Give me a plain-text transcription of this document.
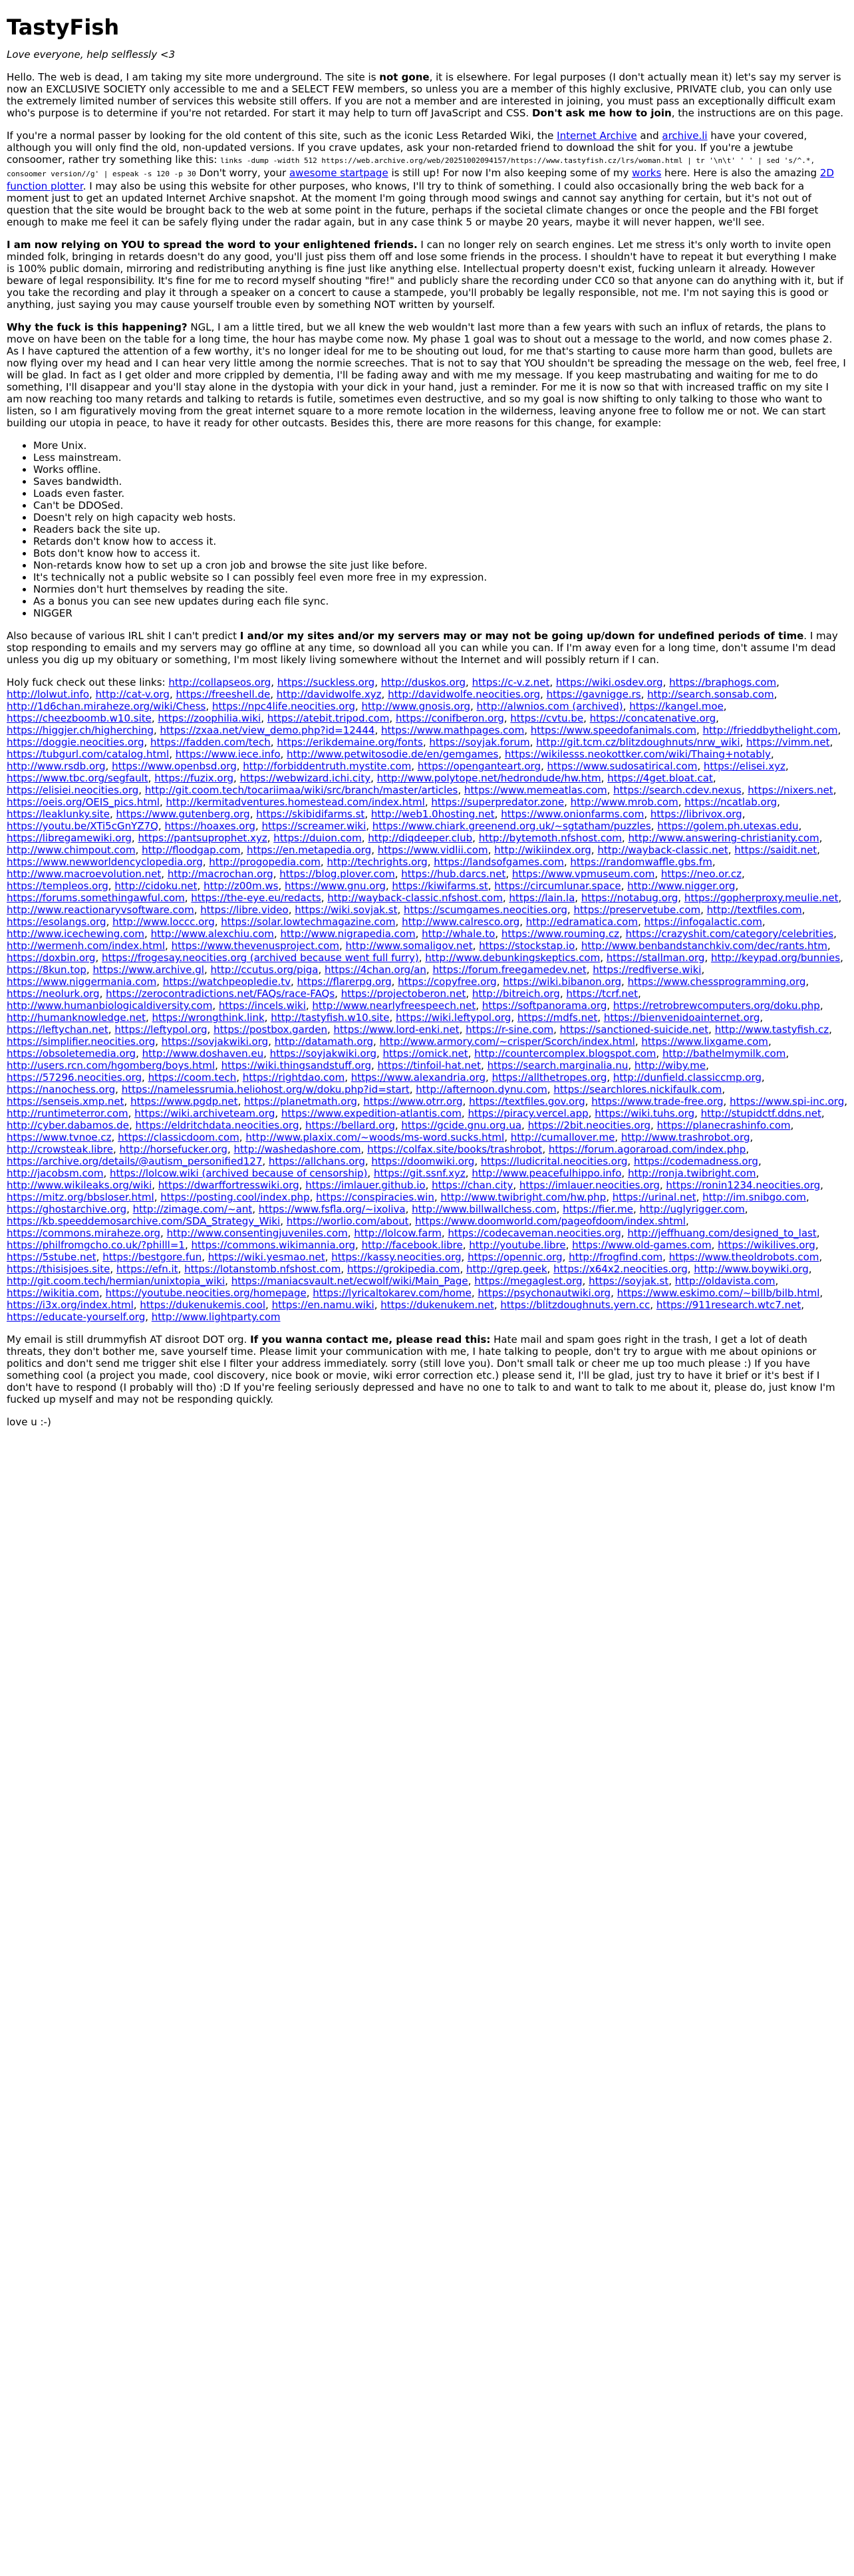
TastyFish

Love everyone, help selflessly <3

Hello. The web is dead, I am taking my site more underground. The site is not gone, it is elsewhere. For legal purposes (I don't actually mean it) let's say my server is now an EXCLUSIVE SOCIETY only accessible to me and a SELECT FEW members, so unless you are a member of this highly exclusive, PRIVATE club, you can only use the extremely limited number of services this website still offers. If you are not a member and are interested in joining, you must pass an exceptionally difficult exam who's purpose is to determine if you're not retarded. For start it may help to turn off JavaScript and CSS. Don't ask me how to join, the instructions are on this page.

If you're a normal passer by looking for the old content of this site, such as the iconic Less Retarded Wiki, the Internet Archive and archive.li have your covered, although you will only find the old, non-updated versions. If you crave updates, ask your non-retarded friend to download the shit for you. If you're a jewtube consoomer, rather try something like this: links -dump -width 512 https://web.archive.org/web/20251002094157/https://www.tastyfish.cz/lrs/woman.html | tr '\n\t' ' ' | sed 's/^.*, consoomer version//g' | espeak -s 120 -p 30 Don't worry, your awesome startpage is still up! For now I'm also keeping some of my works here. Here is also the amazing 2D function plotter. I may also be using this website for other purposes, who knows, I'll try to think of something. I could also occasionally bring the web back for a moment just to get an updated Internet Archive snapshot. At the moment I'm going through mood swings and cannot say anything for certain, but it's not out of question that the site would be brought back to the web at some point in the future, perhaps if the societal climate changes or once the people and the FBI forget enough to make me feel it can be safely flying under the radar again, but in any case think 5 or maybe 20 years, maybe it will never happen, we'll see.

I am now relying on YOU to spread the word to your enlightened friends. I can no longer rely on search engines. Let me stress it's only worth to invite open minded folk, bringing in retards doesn't do any good, you'll just piss them off and lose some friends in the process. I shouldn't have to repeat it but everything I make is 100% public domain, mirroring and redistributing anything is fine just like anything else. Intellectual property doesn't exist, fucking unlearn it already. However beware of legal responsibility. It's fine for me to record myself shouting "fire!" and publicly share the recording under CC0 so that anyone can do anything with it, but if you take the recording and play it through a speaker on a concert to cause a stampede, you'll probably be legally responsible, not me. I'm not saying this is good or anything, just saying you may cause yourself trouble even by something NOT written by yourself.

Why the fuck is this happening? NGL, I am a little tired, but we all knew the web wouldn't last more than a few years with such an influx of retards, the plans to move on have been on the table for a long time, the hour has maybe come now. My phase 1 goal was to shout out a message to the world, and now comes phase 2. As I have captured the attention of a few worthy, it's no longer ideal for me to be shouting out loud, for me that's starting to cause more harm than good, bullets are now flying over my head and I can hear very little among the normie screeches. That is not to say that YOU shouldn't be spreading the message on the web, feel free, I will be glad. In fact as I get older and more crippled by dementia, I'll be fading away and with me my message. If you keep mastrubating and waiting for me to do something, I'll disappear and you'll stay alone in the dystopia with your dick in your hand, just a reminder. For me it is now so that with increased traffic on my site I am now reaching too many retards and talking to retards is futile, sometimes even destructive, and so my goal is now shifting to only talking to those who want to listen, so I am figuratively moving from the great internet square to a more remote location in the wilderness, leaving anyone free to follow me or not. We can start building our utopia in peace, to have it ready for other outcasts. Besides this, there are more reasons for this change, for example:

• More Unix.
• Less mainstream.
• Works offline.
• Saves bandwidth.
• Loads even faster.
• Can't be DDOSed.
• Doesn't rely on high capacity web hosts.
• Readers back the site up.
• Retards don't know how to access it.
• Bots don't know how to access it.
• Non-retards know how to set up a cron job and browse the site just like before.
• It's technically not a public website so I can possibly feel even more free in my expression.
• Normies don't hurt themselves by reading the site.
• As a bonus you can see new updates during each file sync.
• NIGGER

Also because of various IRL shit I can't predict I and/or my sites and/or my servers may or may not be going up/down for undefined periods of time. I may stop responding to emails and my servers may go offline at any time, so download all you can while you can. If I'm away even for a long time, don't assume I'm dead unless you dig up my obituary or something, I'm most likely living somewhere without the Internet and will possibly return if I can.

Holy fuck check out these links: http://collapseos.org, https://suckless.org, http://duskos.org, https://c-v.z.net, https://wiki.osdev.org, https://braphogs.com, http://lolwut.info, http://cat-v.org, https://freeshell.de, http://davidwolfe.xyz, http://davidwolfe.neocities.org, https://gavnigge.rs, http://search.sonsab.com, http://1d6chan.miraheze.org/wiki/Chess, https://npc4life.neocities.org, http://www.gnosis.org, http://alwnios.com (archived), https://kangel.moe, https://cheezboomb.w10.site, https://zoophilia.wiki, https://atebit.tripod.com, https://conifberon.org, https://cvtu.be, https://concatenative.org, https://higgjer.ch/higherching, https://zxaa.net/view_demo.php?id=12444, https://www.mathpages.com, https://www.speedofanimals.com, http://frieddbythelight.com, https://doggie.neocities.org, https://fadden.com/tech, https://erikdemaine.org/fonts, https://soyjak.forum, http://git.tcm.cz/blitzdoughnuts/nrw_wiki, https://vimm.net, https://tubgurl.com/catalog.html, https://www.iece.info, http://www.petwitosodie.de/en/gemgames, https://wikilesss.neokottker.com/wiki/Thaing+notably, http://www.rsdb.org, https://www.openbsd.org, http://forbiddentruth.mystite.com, https://openganteart.org, https://www.sudosatirical.com, https://elisei.xyz, https://www.tbc.org/segfault, https://fuzix.org, https://webwizard.ichi.city, http://www.polytope.net/hedrondude/hw.htm, https://4get.bloat.cat, https://elisiei.neocities.org, http://git.coom.tech/tocariimaa/wiki/src/branch/master/articles, https://www.memeatlas.com, https://search.cdev.nexus, https://nixers.net, https://oeis.org/OEIS_pics.html, http://kermitadventures.homestead.com/index.html, https://superpredator.zone, http://www.mrob.com, https://ncatlab.org, https://leaklunky.site, https://www.gutenberg.org, https://skibidifarms.st, http://web1.0hosting.net, https://www.onionfarms.com, https://librivox.org, https://youtu.be/XTi5cGnYZ7Q, https://hoaxes.org, https://screamer.wiki, https://www.chiark.greenend.org.uk/~sgtatham/puzzles, https://golem.ph.utexas.edu, https://libregamewiki.org, https://pantsuprophet.xyz, https://duion.com, http://diqdeeper.club, http://bytemoth.nfshost.com, http://www.answering-christianity.com, http://www.chimpout.com, http://floodgap.com, https://en.metapedia.org, https://www.vidlii.com, http://wikiindex.org, http://wayback-classic.net, https://saidit.net, https://www.newworldencyclopedia.org, http://progopedia.com, http://techrights.org, https://landsofgames.com, https://randomwaffle.gbs.fm, http://www.macroevolution.net, http://macrochan.org, https://blog.plover.com, https://hub.darcs.net, https://www.vpmuseum.com, https://neo.or.cz, https://templeos.org, http://cidoku.net, http://z00m.ws, https://www.gnu.org, https://kiwifarms.st, https://circumlunar.space, http://www.nigger.org, https://forums.somethingawful.com, https://the-eye.eu/redacts, http://wayback-classic.nfshost.com, https://lain.la, https://notabug.org, https://gopherproxy.meulie.net, http://www.reactionaryvsoftware.com, https://libre.video, https://wiki.sovjak.st, https://scumgames.neocities.org, https://preservetube.com, http://textfiles.com, https://esolangs.org, http://www.loccc.org, https://solar.lowtechmagazine.com, http://www.calresco.org, http://edramatica.com, https://infogalactic.com, http://www.icechewing.com, http://www.alexchiu.com, http://www.nigrapedia.com, http://whale.to, https://www.rouming.cz, https://crazyshit.com/category/celebrities, http://wermenh.com/index.html, https://www.thevenusproject.com, http://www.somaligov.net, https://stockstap.io, http://www.benbandstanchkiv.com/dec/rants.htm, https://doxbin.org, https://frogesay.neocities.org (archived because went full furry), http://www.debunkingskeptics.com, https://stallman.org, http://keypad.org/bunnies, https://8kun.top, https://www.archive.gl, http://ccutus.org/piga, https://4chan.org/an, https://forum.freegamedev.net, https://redfiverse.wiki, https://www.niggermania.com, https://watchpeopledie.tv, https://flarerpg.org, https://copyfree.org, https://wiki.bibanon.org, https://www.chessprogramming.org, https://neolurk.org, https://zerocontradictions.net/FAQs/race-FAQs, https://projectoberon.net, http://bitreich.org, https://tcrf.net, http://www.humanbiologicaldiversity.com, https://incels.wiki, http://www.nearlyfreespeech.net, https://softpanorama.org, https://retrobrewcomputers.org/doku.php, http://humanknowledge.net, https://wrongthink.link, http://tastyfish.w10.site, https://wiki.leftypol.org, https://mdfs.net, https://bienvenidoainternet.org, https://leftychan.net, https://leftypol.org, https://postbox.garden, https://www.lord-enki.net, https://r-sine.com, https://sanctioned-suicide.net, http://www.tastyfish.cz, https://simplifier.neocities.org, https://sovjakwiki.org, http://datamath.org, http://www.armory.com/~crisper/Scorch/index.html, https://www.lixgame.com, https://obsoletemedia.org, http://www.doshaven.eu, https://soyjakwiki.org, https://omick.net, http://countercomplex.blogspot.com, http://bathelmymilk.com, http://users.rcn.com/hgomberg/boys.html, https://wiki.thingsandstuff.org, https://tinfoil-hat.net, https://search.marginalia.nu, http://wiby.me, https://57296.neocities.org, https://coom.tech, https://rightdao.com, https://www.alexandria.org, https://allthetropes.org, http://dunfield.classiccmp.org, https://nanochess.org, https://namelessrumia.heliohost.org/w/doku.php?id=start, http://afternoon.dynu.com, https://searchlores.nickifaulk.com, https://senseis.xmp.net, https://www.pgdp.net, https://planetmath.org, https://www.otrr.org, https://textfiles.gov.org, https://www.trade-free.org, https://www.spi-inc.org, http://runtimeterror.com, https://wiki.archiveteam.org, https://www.expedition-atlantis.com, https://piracy.vercel.app, https://wiki.tuhs.org, http://stupidctf.ddns.net, http://cyber.dabamos.de, https://eldritchdata.neocities.org, https://bellard.org, https://gcide.gnu.org.ua, https://2bit.neocities.org, https://planecrashinfo.com, https://www.tvnoe.cz, https://classicdoom.com, http://www.plaxix.com/~woods/ms-word.sucks.html, http://cumallover.me, http://www.trashrobot.org, http://crowsteak.libre, http://horsefucker.org, http://washedashore.com, https://colfax.site/books/trashrobot, https://forum.agoraroad.com/index.php, https://archive.org/details/@autism_personified127, https://allchans.org, https://doomwiki.org, https://ludicrital.neocities.org, https://codemadness.org, http://jacobsm.com, https://lolcow.wiki (archived because of censorship), https://git.ssnf.xyz, http://www.peacefulhippo.info, http://ronja.twibright.com, http://www.wikileaks.org/wiki, https://dwarffortresswiki.org, https://imlauer.github.io, https://chan.city, https://imlauer.neocities.org, https://ronin1234.neocities.org, https://mitz.org/bbsloser.html, https://posting.cool/index.php, https://conspiracies.win, http://www.twibright.com/hw.php, https://urinal.net, http://im.snibgo.com, https://ghostarchive.org, http://zimage.com/~ant, https://www.fsfla.org/~ixoliva, http://www.billwallchess.com, https://fier.me, http://uglyrigger.com, https://kb.speeddemosarchive.com/SDA_Strategy_Wiki, https://worlio.com/about, https://www.doomworld.com/pageofdoom/index.shtml, https://commons.miraheze.org, http://www.consentingjuveniles.com, http://lolcow.farm, https://codecaveman.neocities.org, http://jeffhuang.com/designed_to_last, https://philfromgcho.co.uk/?philll=1, https://commons.wikimannia.org, http://facebook.libre, http://youtube.libre, https://www.old-games.com, https://wikilives.org, https://5stube.net, https://bestgore.fun, https://wiki.yesmao.net, https://kassy.neocities.org, https://opennic.org, http://frogfind.com, https://www.theoldrobots.com, https://thisisjoes.site, https://efn.it, https://lotanstomb.nfshost.com, https://grokipedia.com, http://grep.geek, https://x64x2.neocities.org, http://www.boywiki.org, http://git.coom.tech/hermian/unixtopia_wiki, https://maniacsvault.net/ecwolf/wiki/Main_Page, https://megaglest.org, https://soyjak.st, http://oldavista.com, https://wikitia.com, https://youtube.neocities.org/homepage, https://lyricaltokarev.com/home, https://psychonautwiki.org, https://www.eskimo.com/~billb/bilb.html, https://i3x.org/index.html, https://dukenukemis.cool, https://en.namu.wiki, https://dukenukem.net, https://blitzdoughnuts.yern.cc, https://911research.wtc7.net, https://educate-yourself.org, http://www.lightparty.com

My email is still drummyfish AT disroot DOT org. If you wanna contact me, please read this: Hate mail and spam goes right in the trash, I get a lot of death threats, they don't bother me, save yourself time. Please limit your communication with me, I hate talking to people, don't try to argue with me about opinions or politics and don't send me trigger shit else I filter your address immediately. sorry (still love you). Don't small talk or cheer me up too much please :) If you have something cool (a project you made, cool discovery, nice book or movie, wiki error correction etc.) please send it, I'll be glad, just try to have it brief or it's best if I don't have to respond (I probably will tho) :D If you're feeling seriously depressed and have no one to talk to and want to talk to me about it, please do, just know I'm fucked up myself and may not be responding quickly.

love u :-)
